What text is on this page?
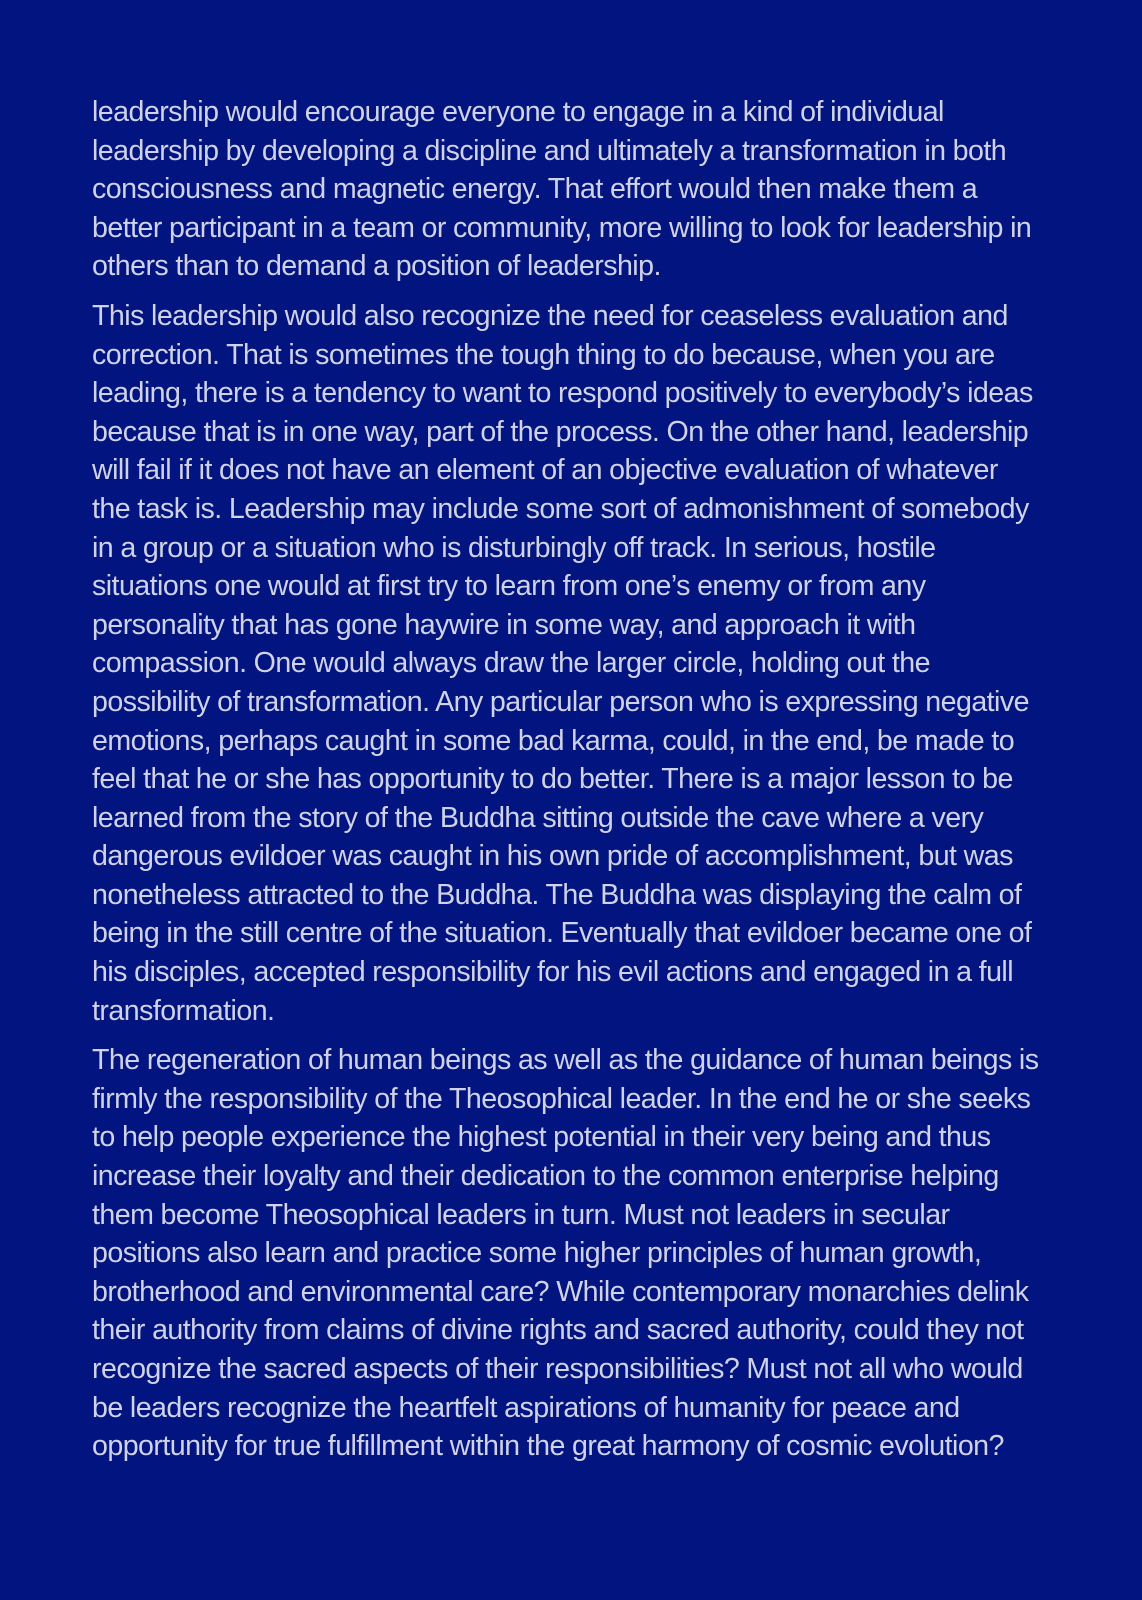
leadership would encourage everyone to engage in a kind of individual
leadership by developing a discipline and ultimately a transformation in both
consciousness and magnetic energy. That effort would then make them a
better participant in a team or community, more willing to look for leadership in
others than to demand a position of leadership.

This leadership would also recognize the need for ceaseless evaluation and
correction. That is sometimes the tough thing to do because, when you are
leading, there is a tendency to want to respond positively to everybody’s ideas
because that is in one way, part of the process. On the other hand, leadership
will fail if it does not have an element of an objective evaluation of whatever
the task is. Leadership may include some sort of admonishment of somebody
in a group or a situation who is disturbingly off track. In serious, hostile
situations one would at first try to learn from one’s enemy or from any
personality that has gone haywire in some way, and approach it with
compassion. One would always draw the larger circle, holding out the
possibility of transformation. Any particular person who is expressing negative
emotions, perhaps caught in some bad karma, could, in the end, be made to
feel that he or she has opportunity to do better. There is a major lesson to be
learned from the story of the Buddha sitting outside the cave where a very
dangerous evildoer was caught in his own pride of accomplishment, but was
nonetheless attracted to the Buddha. The Buddha was displaying the calm of
being in the still centre of the situation. Eventually that evildoer became one of
his disciples, accepted responsibility for his evil actions and engaged in a full
transformation.

The regeneration of human beings as well as the guidance of human beings is
firmly the responsibility of the Theosophical leader. In the end he or she seeks
to help people experience the highest potential in their very being and thus
increase their loyalty and their dedication to the common enterprise helping
them become Theosophical leaders in turn. Must not leaders in secular
positions also learn and practice some higher principles of human growth,
brotherhood and environmental care? While contemporary monarchies delink
their authority from claims of divine rights and sacred authority, could they not
recognize the sacred aspects of their responsibilities? Must not all who would
be leaders recognize the heartfelt aspirations of humanity for peace and
opportunity for true fulfillment within the great harmony of cosmic evolution?
